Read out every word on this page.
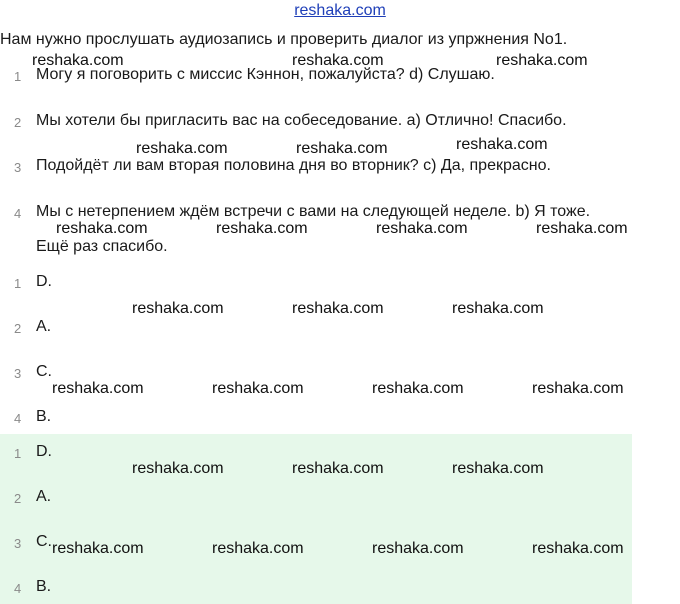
reshaka.com
Нам нужно прослушать аудиозапись и проверить диалог из упржнения No1.
1 Могу я поговорить с миссис Кэннон, пожалуйста? d) Слушаю.
2 Мы хотели бы пригласить вас на собеседование. a) Отлично! Спасибо.
3 Подойдёт ли вам вторая половина дня во вторник? c) Да, прекрасно.
4 Мы с нетерпением ждём встречи с вами на следующей неделе. b) Я тоже.
Ещё раз спасибо.
1 D.
2 A.
3 C.
4 B.
1 D.
2 A.
3 C.
4 B.
reshaka.com	reshaka.com	reshaka.com
reshaka.com	reshaka.com	reshaka.com
reshaka.com	reshaka.com	reshaka.com	reshaka.com
reshaka.com	reshaka.com	reshaka.com
reshaka.com	reshaka.com	reshaka.com	reshaka.com
reshaka.com	reshaka.com	reshaka.com
reshaka.com	reshaka.com	reshaka.com	reshaka.com
